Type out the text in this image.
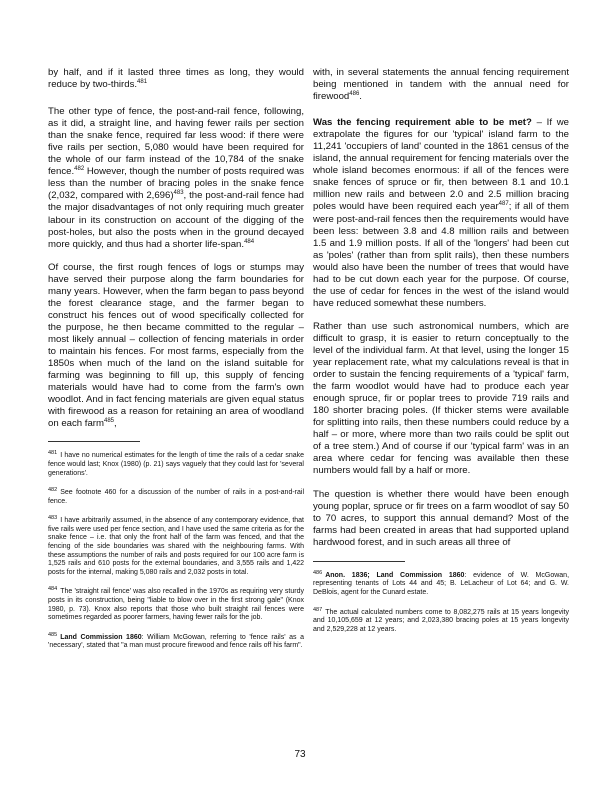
by half, and if it lasted three times as long, they would reduce by two-thirds.$^{481}$

The other type of fence, the post-and-rail fence, following, as it did, a straight line, and having fewer rails per section than the snake fence, required far less wood: if there were five rails per section, 5,080 would have been required for the whole of our farm instead of the 10,784 of the snake fence.$^{482}$ However, though the number of posts required was less than the number of bracing poles in the snake fence (2,032, compared with 2,696)$^{483}$, the post-and-rail fence had the major disadvantages of not only requiring much greater labour in its construction on account of the digging of the post-holes, but also the posts when in the ground decayed more quickly, and thus had a shorter life-span.$^{484}$

Of course, the first rough fences of logs or stumps may have served their purpose along the farm boundaries for many years. However, when the farm began to pass beyond the forest clearance stage, and the farmer began to construct his fences out of wood specifically collected for the purpose, he then became committed to the regular – most likely annual – collection of fencing materials in order to maintain his fences. For most farms, especially from the 1850s when much of the land on the island suitable for farming was beginning to fill up, this supply of fencing materials would have had to come from the farm's own woodlot. And in fact fencing materials are given equal status with firewood as a reason for retaining an area of woodland on each farm$^{485}$,

$^{481}$ I have no numerical estimates for the length of time the rails of a cedar snake fence would last; Knox (1980) (p. 21) says vaguely that they could last for 'several generations'.

$^{482}$ See footnote 460 for a discussion of the number of rails in a post-and-rail fence.

$^{483}$ I have arbitrarily assumed, in the absence of any contemporary evidence, that five rails were used per fence section, and I have used the same criteria as for the snake fence – i.e. that only the front half of the farm was fenced, and that the fencing of the side boundaries was shared with the neighbouring farms. With these assumptions the number of rails and posts required for our 100 acre farm is 1,525 rails and 610 posts for the external boundaries, and 3,555 rails and 1,422 posts for the internal, making 5,080 rails and 2,032 posts in total.

$^{484}$ The 'straight rail fence' was also recalled in the 1970s as requiring very sturdy posts in its construction, being "liable to blow over in the first strong gale" (Knox 1980, p. 73). Knox also reports that those who built straight rail fences were sometimes regarded as poorer farmers, having fewer rails for the job.

$^{485}$ Land Commission 1860: William McGowan, referring to 'fence rails' as a 'necessary', stated that "a man must procure firewood and fence rails off his farm".

with, in several statements the annual fencing requirement being mentioned in tandem with the annual need for firewood$^{486}$.

Was the fencing requirement able to be met? – If we extrapolate the figures for our 'typical' island farm to the 11,241 'occupiers of land' counted in the 1861 census of the island, the annual requirement for fencing materials over the whole island becomes enormous: if all of the fences were snake fences of spruce or fir, then between 8.1 and 10.1 million new rails and between 2.0 and 2.5 million bracing poles would have been required each year$^{487}$; if all of them were post-and-rail fences then the requirements would have been less: between 3.8 and 4.8 million rails and between 1.5 and 1.9 million posts. If all of the 'longers' had been cut as 'poles' (rather than from split rails), then these numbers would also have been the number of trees that would have had to be cut down each year for the purpose. Of course, the use of cedar for fences in the west of the island would have reduced somewhat these numbers.

Rather than use such astronomical numbers, which are difficult to grasp, it is easier to return conceptually to the level of the individual farm. At that level, using the longer 15 year replacement rate, what my calculations reveal is that in order to sustain the fencing requirements of a 'typical' farm, the farm woodlot would have had to produce each year enough spruce, fir or poplar trees to provide 719 rails and 180 shorter bracing poles. (If thicker stems were available for splitting into rails, then these numbers could reduce by a half – or more, where more than two rails could be split out of a tree stem.) And of course if our 'typical farm' was in an area where cedar for fencing was available then these numbers would fall by a half or more.

The question is whether there would have been enough young poplar, spruce or fir trees on a farm woodlot of say 50 to 70 acres, to support this annual demand? Most of the farms had been created in areas that had supported upland hardwood forest, and in such areas all three of

$^{486}$ Anon. 1836; Land Commission 1860: evidence of W. McGowan, representing tenants of Lots 44 and 45; B. LeLacheur of Lot 64; and G. W. DeBlois, agent for the Cunard estate.

$^{487}$ The actual calculated numbers come to 8,082,275 rails at 15 years longevity and 10,105,659 at 12 years; and 2,023,380 bracing poles at 15 years longevity and 2,529,228 at 12 years.

73
